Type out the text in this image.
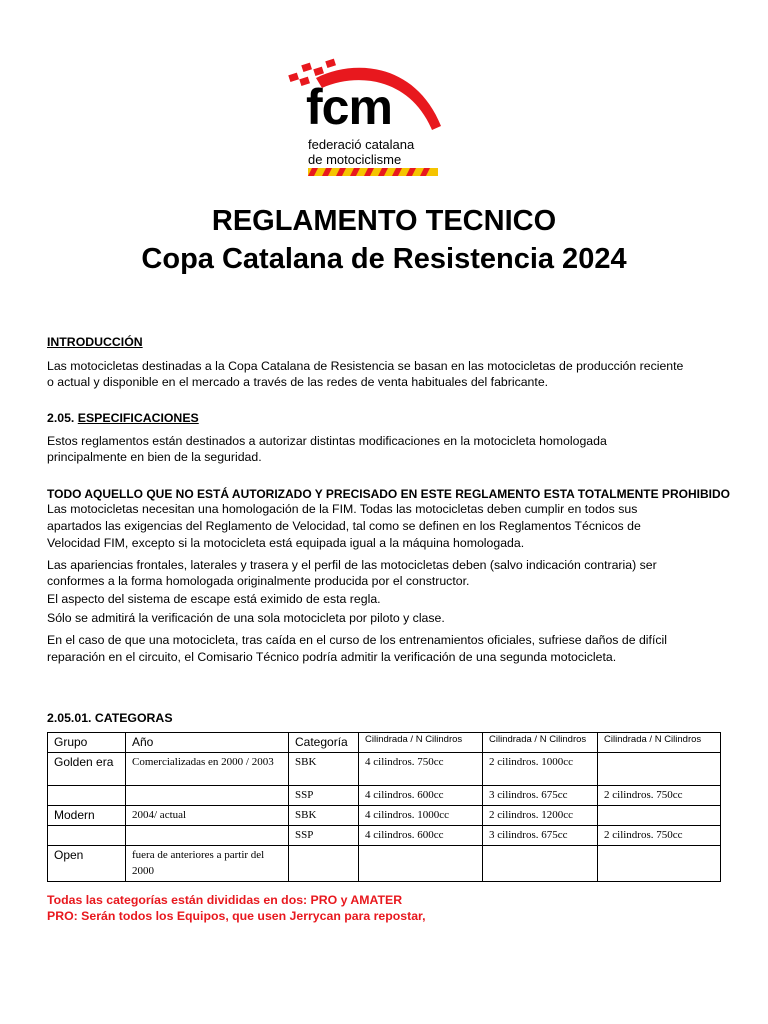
fcm
federació catalana
de motociclisme
REGLAMENTO TECNICO
Copa Catalana de Resistencia 2024

INTRODUCCIÓN

Las motocicletas destinadas a la Copa Catalana de Resistencia se basan en las motocicletas de producción reciente

o actual y disponible en el mercado a través de las redes de venta habituales del fabricante.

2.05. ESPECIFICACIONES

Estos reglamentos están destinados a autorizar distintas modificaciones en la motocicleta homologada

principalmente en bien de la seguridad.

TODO AQUELLO QUE NO ESTÁ AUTORIZADO Y PRECISADO EN ESTE REGLAMENTO ESTA TOTALMENTE PROHIBIDO

Las motocicletas necesitan una homologación de la FIM. Todas las motocicletas deben cumplir en todos sus

apartados las exigencias del Reglamento de Velocidad, tal como se definen en los Reglamentos Técnicos de

Velocidad FIM, excepto si la motocicleta está equipada igual a la máquina homologada.

Las apariencias frontales, laterales y trasera y el perfil de las motocicletas deben (salvo indicación contraria) ser

conformes a la forma homologada originalmente producida por el constructor.

El aspecto del sistema de escape está eximido de esta regla.

Sólo se admitirá la verificación de una sola motocicleta por piloto y clase.

En el caso de que una motocicleta, tras caída en el curso de los entrenamientos oficiales, sufriese daños de difícil

reparación en el circuito, el Comisario Técnico podría admitir la verificación de una segunda motocicleta.

2.05.01. CATEGORAS

Grupo	Año	Categoría	Cilindrada / N Cilindros	Cilindrada / N Cilindros	Cilindrada / N Cilindros
Golden era	Comercializadas en 2000 / 2003	SBK	4 cilindros. 750cc	2 cilindros. 1000cc	
		SSP	4 cilindros. 600cc	3 cilindros. 675cc	2 cilindros. 750cc
Modern	2004/ actual	SBK	4 cilindros. 1000cc	2 cilindros. 1200cc	
		SSP	4 cilindros. 600cc	3 cilindros. 675cc	2 cilindros. 750cc
Open	fuera de anteriores a partir del 2000				

Todas las categorías están divididas en dos: PRO y AMATER

PRO: Serán todos los Equipos, que usen Jerrycan para repostar,
